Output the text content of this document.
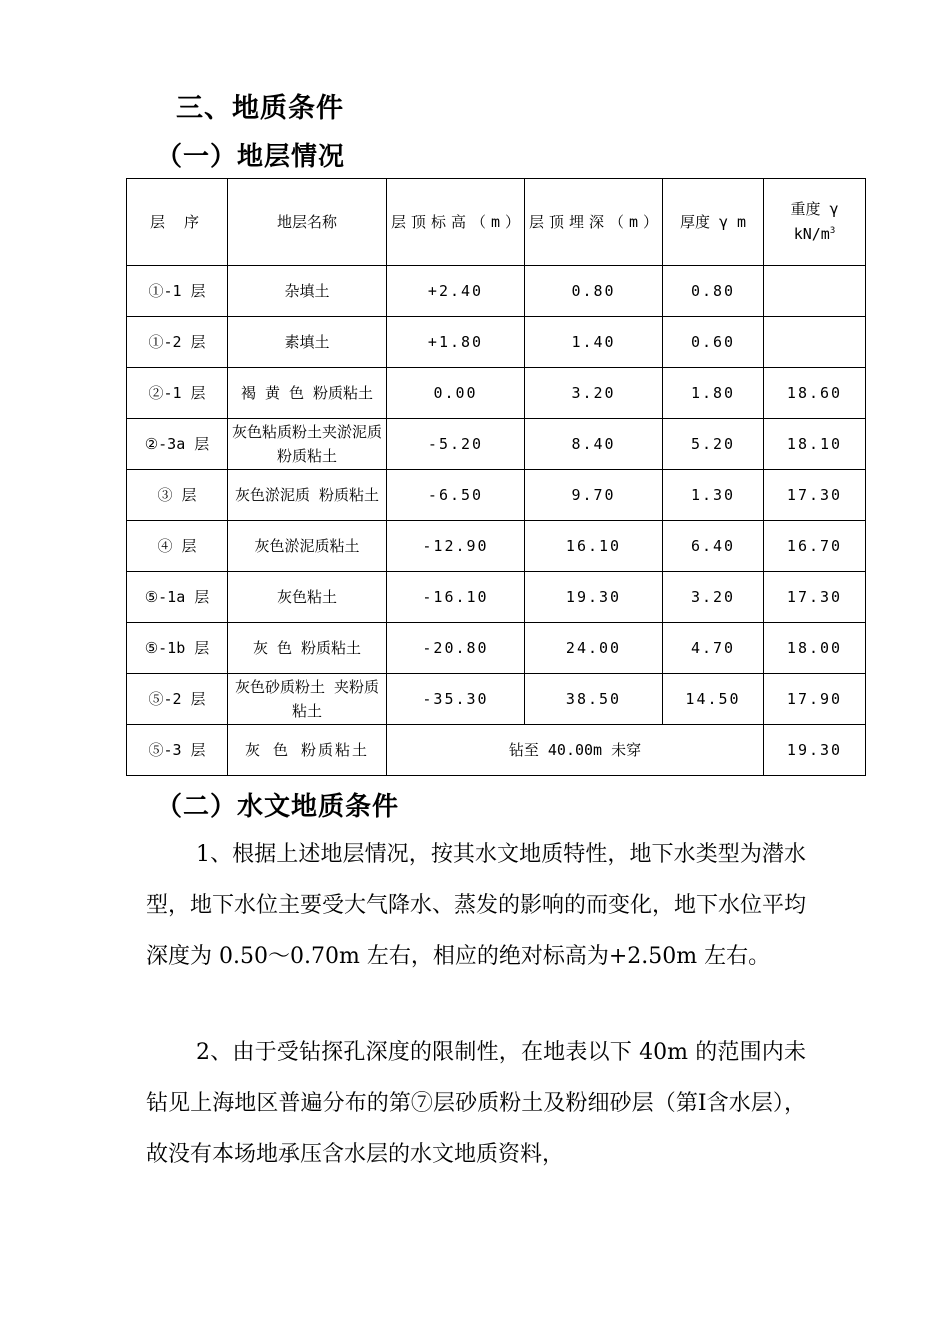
三、地质条件
（一）地层情况
层 序	地层名称	层顶标高（m）	层顶埋深（m）	厚度 γ m	重度 γ $kN/m^3$
①-1 层	杂填土	+2.40	0.80	0.80	
①-2 层	素填土	+1.80	1.40	0.60	
②-1 层	褐 黄 色 粉质粘土	0.00	3.20	1.80	18.60
②-3a 层	灰色粘质粉土夹淤泥质粉质粘土	-5.20	8.40	5.20	18.10
③ 层	灰色淤泥质 粉质粘土	-6.50	9.70	1.30	17.30
④ 层	灰色淤泥质粘土	-12.90	16.10	6.40	16.70
⑤-1a 层	灰色粘土	-16.10	19.30	3.20	17.30
⑤-1b 层	灰 色 粉质粘土	-20.80	24.00	4.70	18.00
⑤-2 层	灰色砂质粉土 夹粉质粘土	-35.30	38.50	14.50	17.90
⑤-3 层	灰 色 粉质粘土	钻至 40.00m 未穿			19.30
（二）水文地质条件
1、根据上述地层情况，按其水文地质特性，地下水类型为潜水型，地下水位主要受大气降水、蒸发的影响的而变化，地下水位平均深度为 0.50～0.70m 左右，相应的绝对标高为+2.50m 左右。
2、由于受钻探孔深度的限制性，在地表以下 40m 的范围内未钻见上海地区普遍分布的第⑦层砂质粉土及粉细砂层（第Ⅰ含水层），故没有本场地承压含水层的水文地质资料，
